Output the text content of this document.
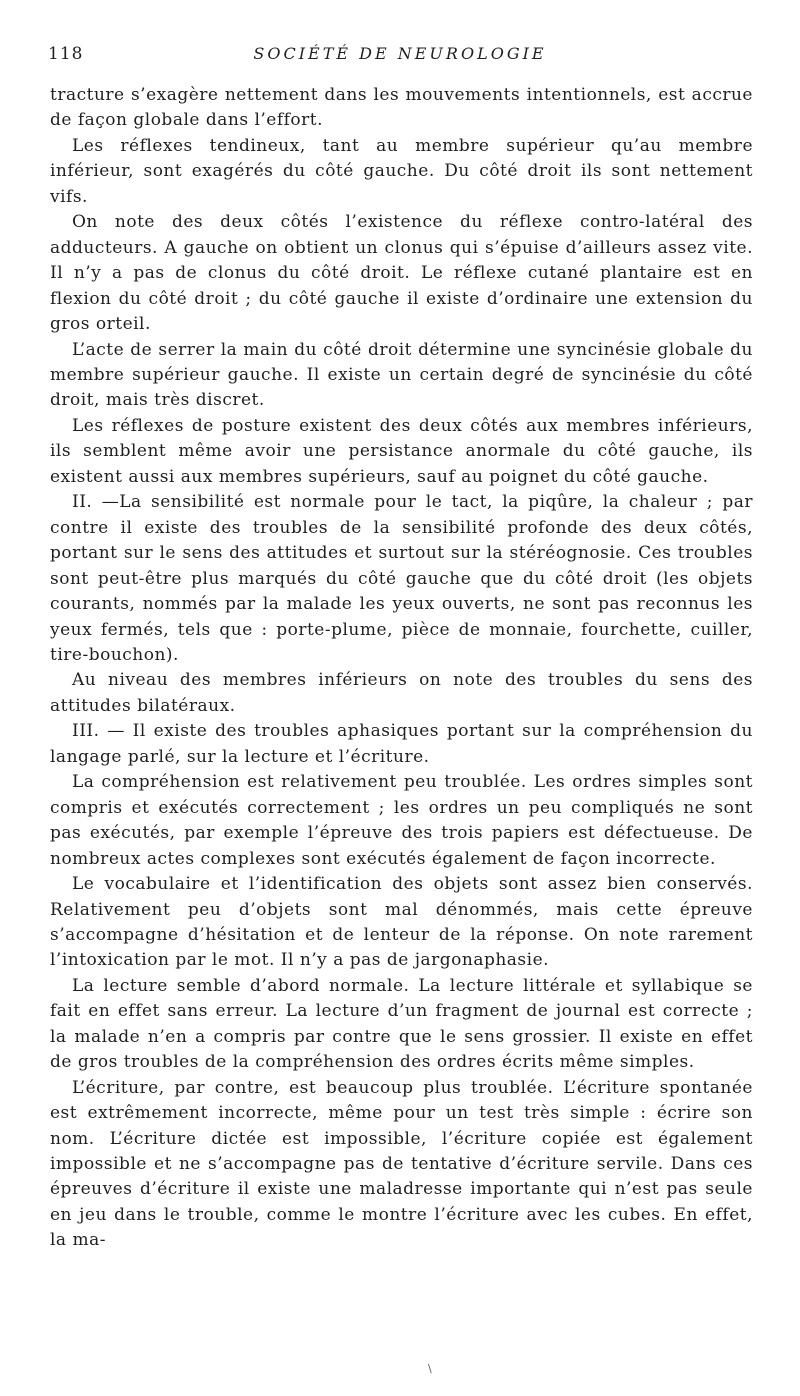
118	SOCIÉTÉ DE NEUROLOGIE

tracture s’exagère nettement dans les mouvements intentionnels, est accrue de façon globale dans l’effort.

Les réflexes tendineux, tant au membre supérieur qu’au membre inférieur, sont exagérés du côté gauche. Du côté droit ils sont nettement vifs.

On note des deux côtés l’existence du réflexe contro-latéral des adducteurs. A gauche on obtient un clonus qui s’épuise d’ailleurs assez vite. Il n’y a pas de clonus du côté droit. Le réflexe cutané plantaire est en flexion du côté droit ; du côté gauche il existe d’ordinaire une extension du gros orteil.

L’acte de serrer la main du côté droit détermine une syncinésie globale du membre supérieur gauche. Il existe un certain degré de syncinésie du côté droit, mais très discret.

Les réflexes de posture existent des deux côtés aux membres inférieurs, ils semblent même avoir une persistance anormale du côté gauche, ils existent aussi aux membres supérieurs, sauf au poignet du côté gauche.

II. —La sensibilité est normale pour le tact, la piqûre, la chaleur ; par contre il existe des troubles de la sensibilité profonde des deux côtés, portant sur le sens des attitudes et surtout sur la stéréognosie. Ces troubles sont peut-être plus marqués du côté gauche que du côté droit (les objets courants, nommés par la malade les yeux ouverts, ne sont pas reconnus les yeux fermés, tels que : porte-plume, pièce de monnaie, fourchette, cuiller, tire-bouchon).

Au niveau des membres inférieurs on note des troubles du sens des attitudes bilatéraux.

III. — Il existe des troubles aphasiques portant sur la compréhension du langage parlé, sur la lecture et l’écriture.

La compréhension est relativement peu troublée. Les ordres simples sont compris et exécutés correctement ; les ordres un peu compliqués ne sont pas exécutés, par exemple l’épreuve des trois papiers est défectueuse. De nombreux actes complexes sont exécutés également de façon incorrecte.

Le vocabulaire et l’identification des objets sont assez bien conservés. Relativement peu d’objets sont mal dénommés, mais cette épreuve s’accompagne d’hésitation et de lenteur de la réponse. On note rarement l’intoxication par le mot. Il n’y a pas de jargonaphasie.

La lecture semble d’abord normale. La lecture littérale et syllabique se fait en effet sans erreur. La lecture d’un fragment de journal est correcte ; la malade n’en a compris par contre que le sens grossier. Il existe en effet de gros troubles de la compréhension des ordres écrits même simples.

L’écriture, par contre, est beaucoup plus troublée. L’écriture spontanée est extrêmement incorrecte, même pour un test très simple : écrire son nom. L’écriture dictée est impossible, l’écriture copiée est également impossible et ne s’accompagne pas de tentative d’écriture servile. Dans ces épreuves d’écriture il existe une maladresse importante qui n’est pas seule en jeu dans le trouble, comme le montre l’écriture avec les cubes. En effet, la ma-

\
